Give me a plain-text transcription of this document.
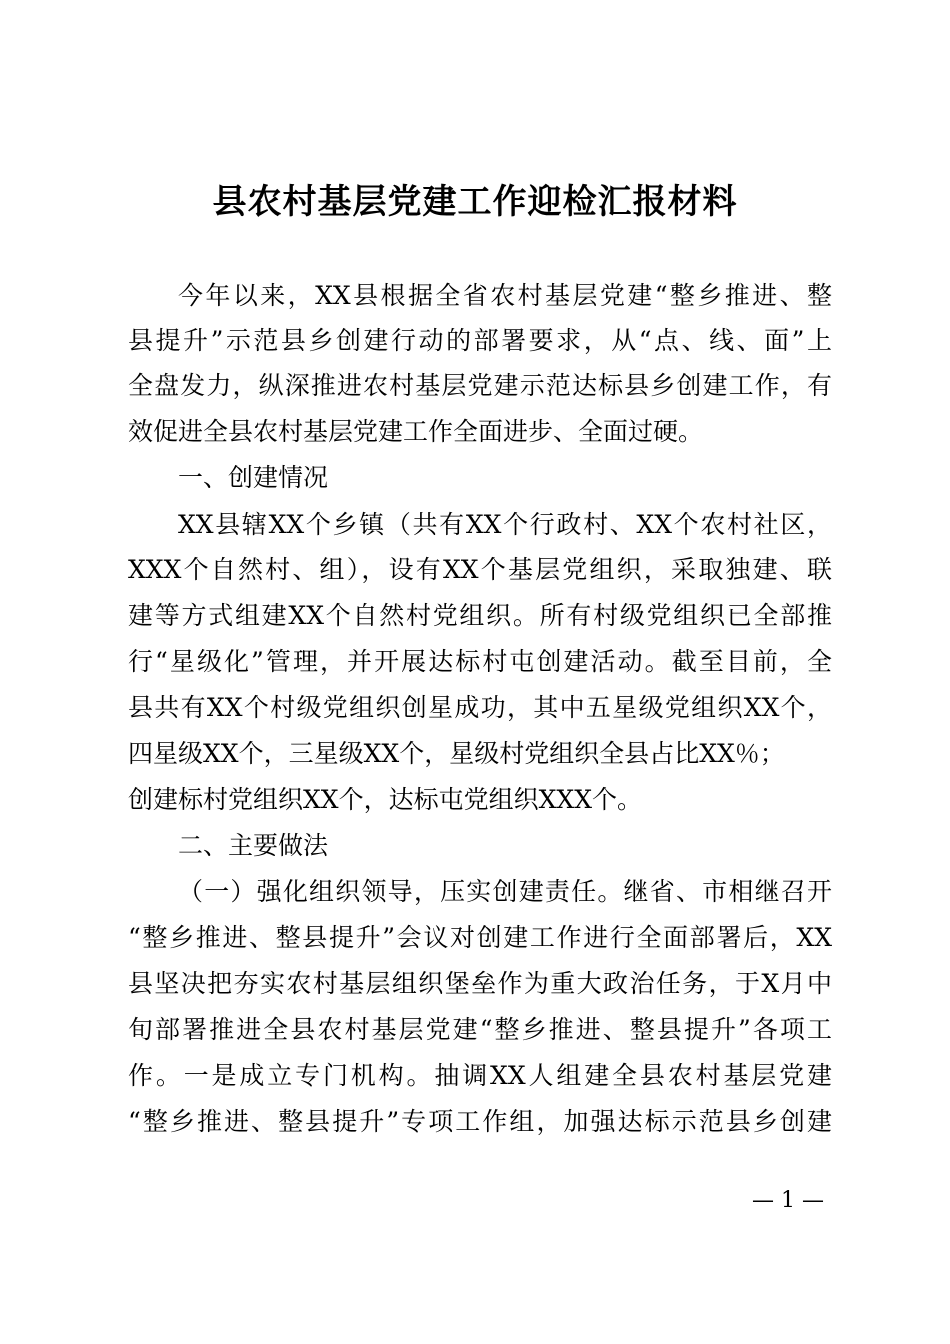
县农村基层党建工作迎检汇报材料
今年以来，XX县根据全省农村基层党建“整乡推进、整
县提升”示范县乡创建行动的部署要求，从“点、线、面”上
全盘发力，纵深推进农村基层党建示范达标县乡创建工作，有
效促进全县农村基层党建工作全面进步、全面过硬。
一、创建情况
XX县辖XX个乡镇（共有XX个行政村、XX个农村社区，
XXX个自然村、组），设有XX个基层党组织，采取独建、联
建等方式组建XX个自然村党组织。所有村级党组织已全部推
行“星级化”管理，并开展达标村屯创建活动。截至目前，全
县共有XX个村级党组织创星成功，其中五星级党组织XX个，
四星级XX个，三星级XX个，星级村党组织全县占比XX％；
创建标村党组织XX个，达标屯党组织XXX个。
二、主要做法
（一）强化组织领导，压实创建责任。继省、市相继召开
“整乡推进、整县提升”会议对创建工作进行全面部署后，XX
县坚决把夯实农村基层组织堡垒作为重大政治任务，于X月中
旬部署推进全县农村基层党建“整乡推进、整县提升”各项工
作。一是成立专门机构。抽调XX人组建全县农村基层党建
“整乡推进、整县提升”专项工作组，加强达标示范县乡创建
— 1 —
